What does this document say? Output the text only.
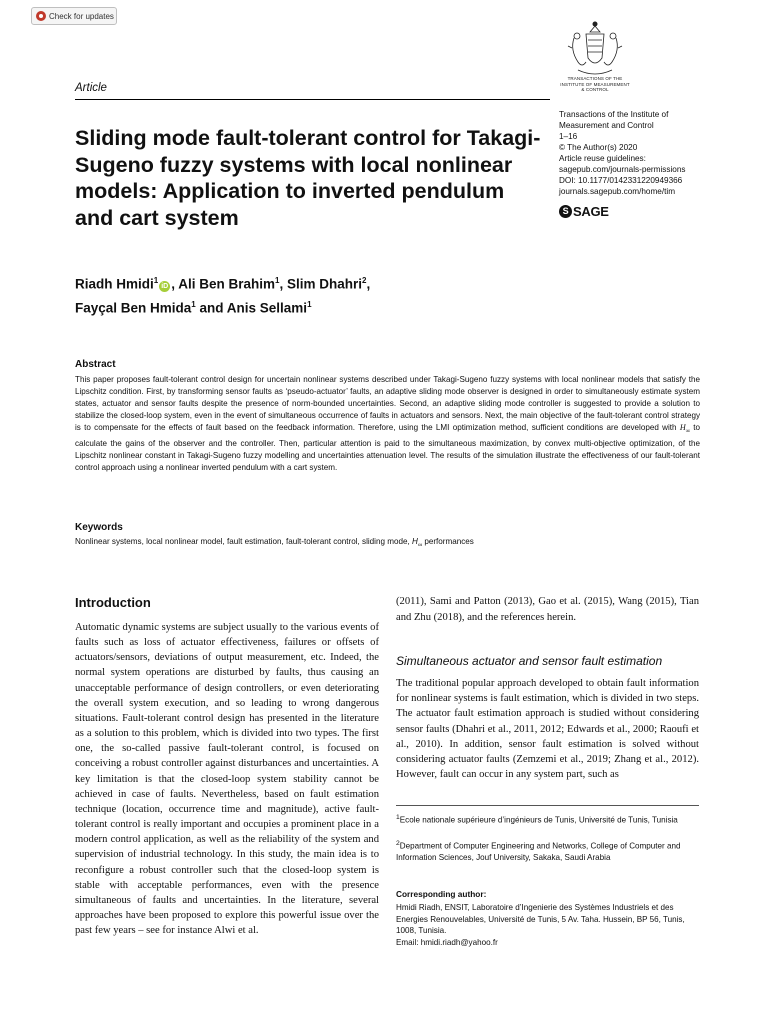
Check for updates
TRANSACTIONS OF THE INSTITUTE OF MEASUREMENT & CONTROL
Article
Transactions of the Institute of Measurement and Control
1–16
© The Author(s) 2020
Article reuse guidelines:
sagepub.com/journals-permissions
DOI: 10.1177/0142331220949366
journals.sagepub.com/home/tim
S SAGE
Sliding mode fault-tolerant control for Takagi-Sugeno fuzzy systems with local nonlinear models: Application to inverted pendulum and cart system
Riadh Hmidi$^1$iD , Ali Ben Brahim$^1$, Slim Dhahri$^2$,
Fayçal Ben Hmida$^1$ and Anis Sellami$^1$
Abstract
This paper proposes fault-tolerant control design for uncertain nonlinear systems described under Takagi-Sugeno fuzzy systems with local nonlinear models that satisfy the Lipschitz condition. First, by transforming sensor faults as ‘pseudo-actuator’ faults, an adaptive sliding mode observer is designed in order to simultaneously estimate system states, actuator and sensor faults despite the presence of norm-bounded uncertainties. Second, an adaptive sliding mode controller is suggested to provide a solution to stabilize the closed-loop system, even in the event of simultaneous occurrence of faults in actuators and sensors. Next, the main objective of the fault-tolerant control strategy is to compensate for the effects of fault based on the feedback information. Therefore, using the LMI optimization method, sufficient conditions are developed with $H_\infty$ to calculate the gains of the observer and the controller. Then, particular attention is paid to the simultaneous maximization, by convex multi-objective optimization, of the Lipschitz nonlinear constant in Takagi-Sugeno fuzzy modelling and uncertainties attenuation level. The results of the simulation illustrate the effectiveness of our fault-tolerant control approach using a nonlinear inverted pendulum with a cart system.
Keywords
Nonlinear systems, local nonlinear model, fault estimation, fault-tolerant control, sliding mode, $H_\infty$ performances
Introduction
Automatic dynamic systems are subject usually to the various events of faults such as loss of actuator effectiveness, failures or offsets of actuators/sensors, deviations of output measurement, etc. Indeed, the normal system operations are disturbed by faults, thus causing an unacceptable performance of design controllers, or even deteriorating the overall system execution, and so leading to wrong dangerous situations. Fault-tolerant control design has presented in the literature as a solution to this problem, which is divided into two types. The first one, the so-called passive fault-tolerant control, is focused on conceiving a robust controller against disturbances and uncertainties. A key limitation is that the closed-loop system stability cannot be achieved in case of faults. Nevertheless, based on fault estimation technique (location, occurrence time and magnitude), active fault-tolerant control is really important and occupies a prominent place in a modern control application, as well as the reliability of the system and supervision of industrial technology. In this study, the main idea is to reconfigure a robust controller such that the closed-loop system is stable with acceptable performances, even with the presence simultaneous of faults and uncertainties. In the literature, several approaches have been proposed to explore this powerful issue over the past few years – see for instance Alwi et al.
(2011), Sami and Patton (2013), Gao et al. (2015), Wang (2015), Tian and Zhu (2018), and the references herein.
Simultaneous actuator and sensor fault estimation
The traditional popular approach developed to obtain fault information for nonlinear systems is fault estimation, which is divided in two steps. The actuator fault estimation approach is studied without considering sensor faults (Dhahri et al., 2011, 2012; Edwards et al., 2000; Raoufi et al., 2010). In addition, sensor fault estimation is solved without considering actuator faults (Zemzemi et al., 2019; Zhang et al., 2012). However, fault can occur in any system part, such as
$^1$Ecole nationale supérieure d’ingénieurs de Tunis, Université de Tunis, Tunisia
$^2$Department of Computer Engineering and Networks, College of Computer and Information Sciences, Jouf University, Sakaka, Saudi Arabia
Corresponding author:
Hmidi Riadh, ENSIT, Laboratoire d’Ingenierie des Systèmes Industriels et des Energies Renouvelables, Université de Tunis, 5 Av. Taha. Hussein, BP 56, Tunis, 1008, Tunisia.
Email: hmidi.riadh@yahoo.fr
